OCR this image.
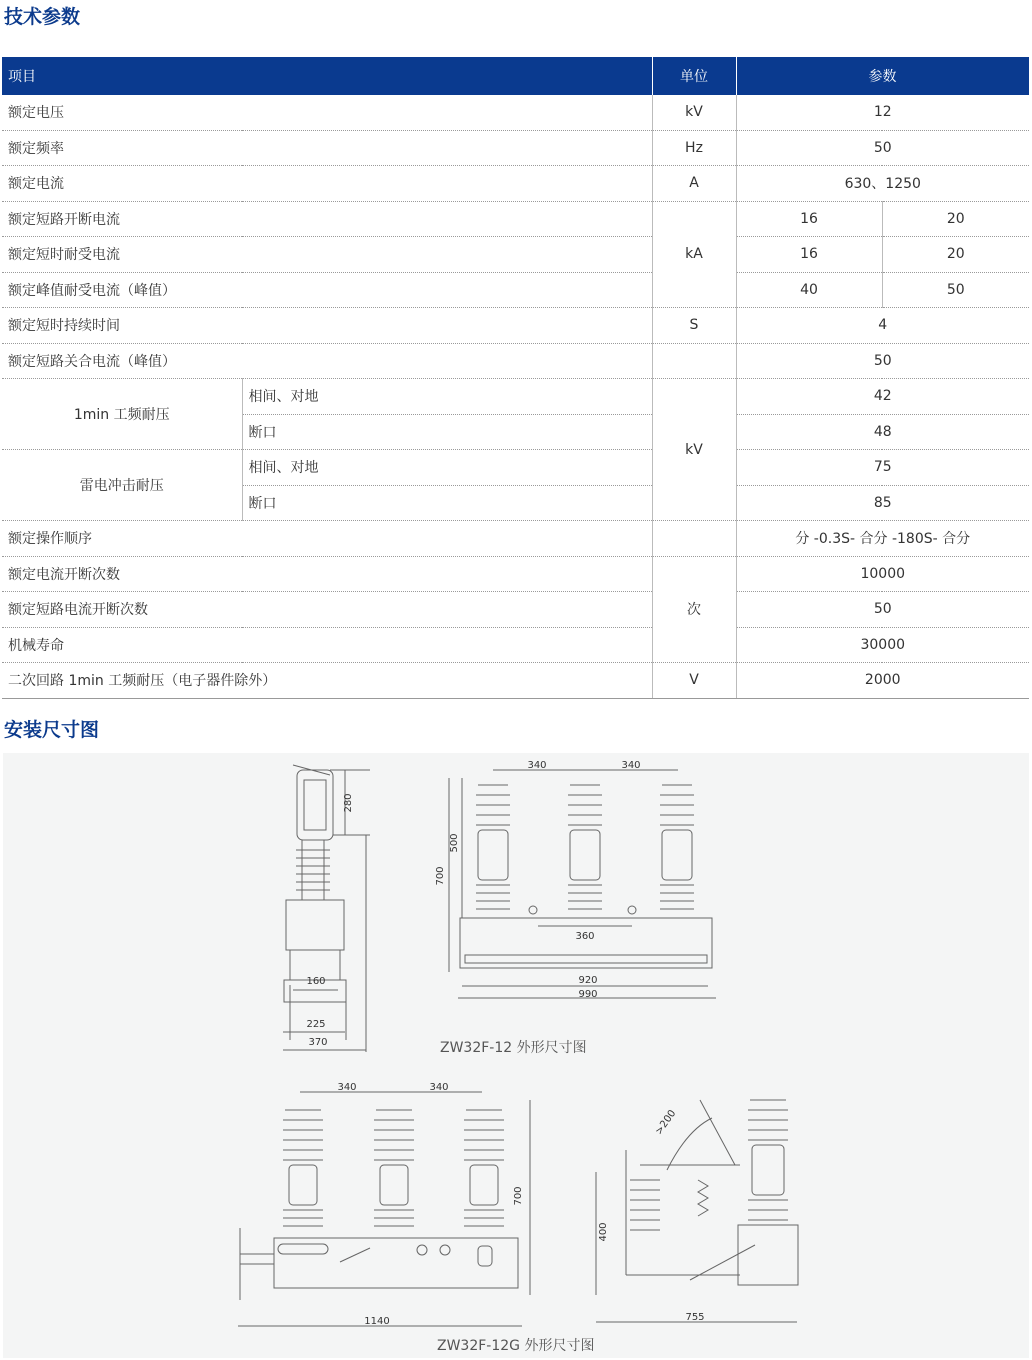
技术参数
项目		单位	参数	
额定电压		kV	12	
额定频率		Hz	50	
额定电流		A	630、1250	
额定短路开断电流		kA	16	20
额定短时耐受电流			16	20
额定峰值耐受电流（峰值）			40	50
额定短时持续时间		S	4	
额定短路关合电流（峰值）			50	
1min 工频耐压	相间、对地	kV	42	
	断口		48	
雷电冲击耐压	相间、对地		75	
	断口		85	
额定操作顺序			分 -0.3S- 合分 -180S- 合分	
额定电流开断次数		次	10000	
额定短路电流开断次数			50	
机械寿命			30000	
二次回路 1min 工频耐压（电子器件除外）		V	2000	
安装尺寸图
280
160
225
370
340	340
500
700
360
920
990
340	340
700
1140
>200
400
755
ZW32F-12 外形尺寸图
ZW32F-12G 外形尺寸图
